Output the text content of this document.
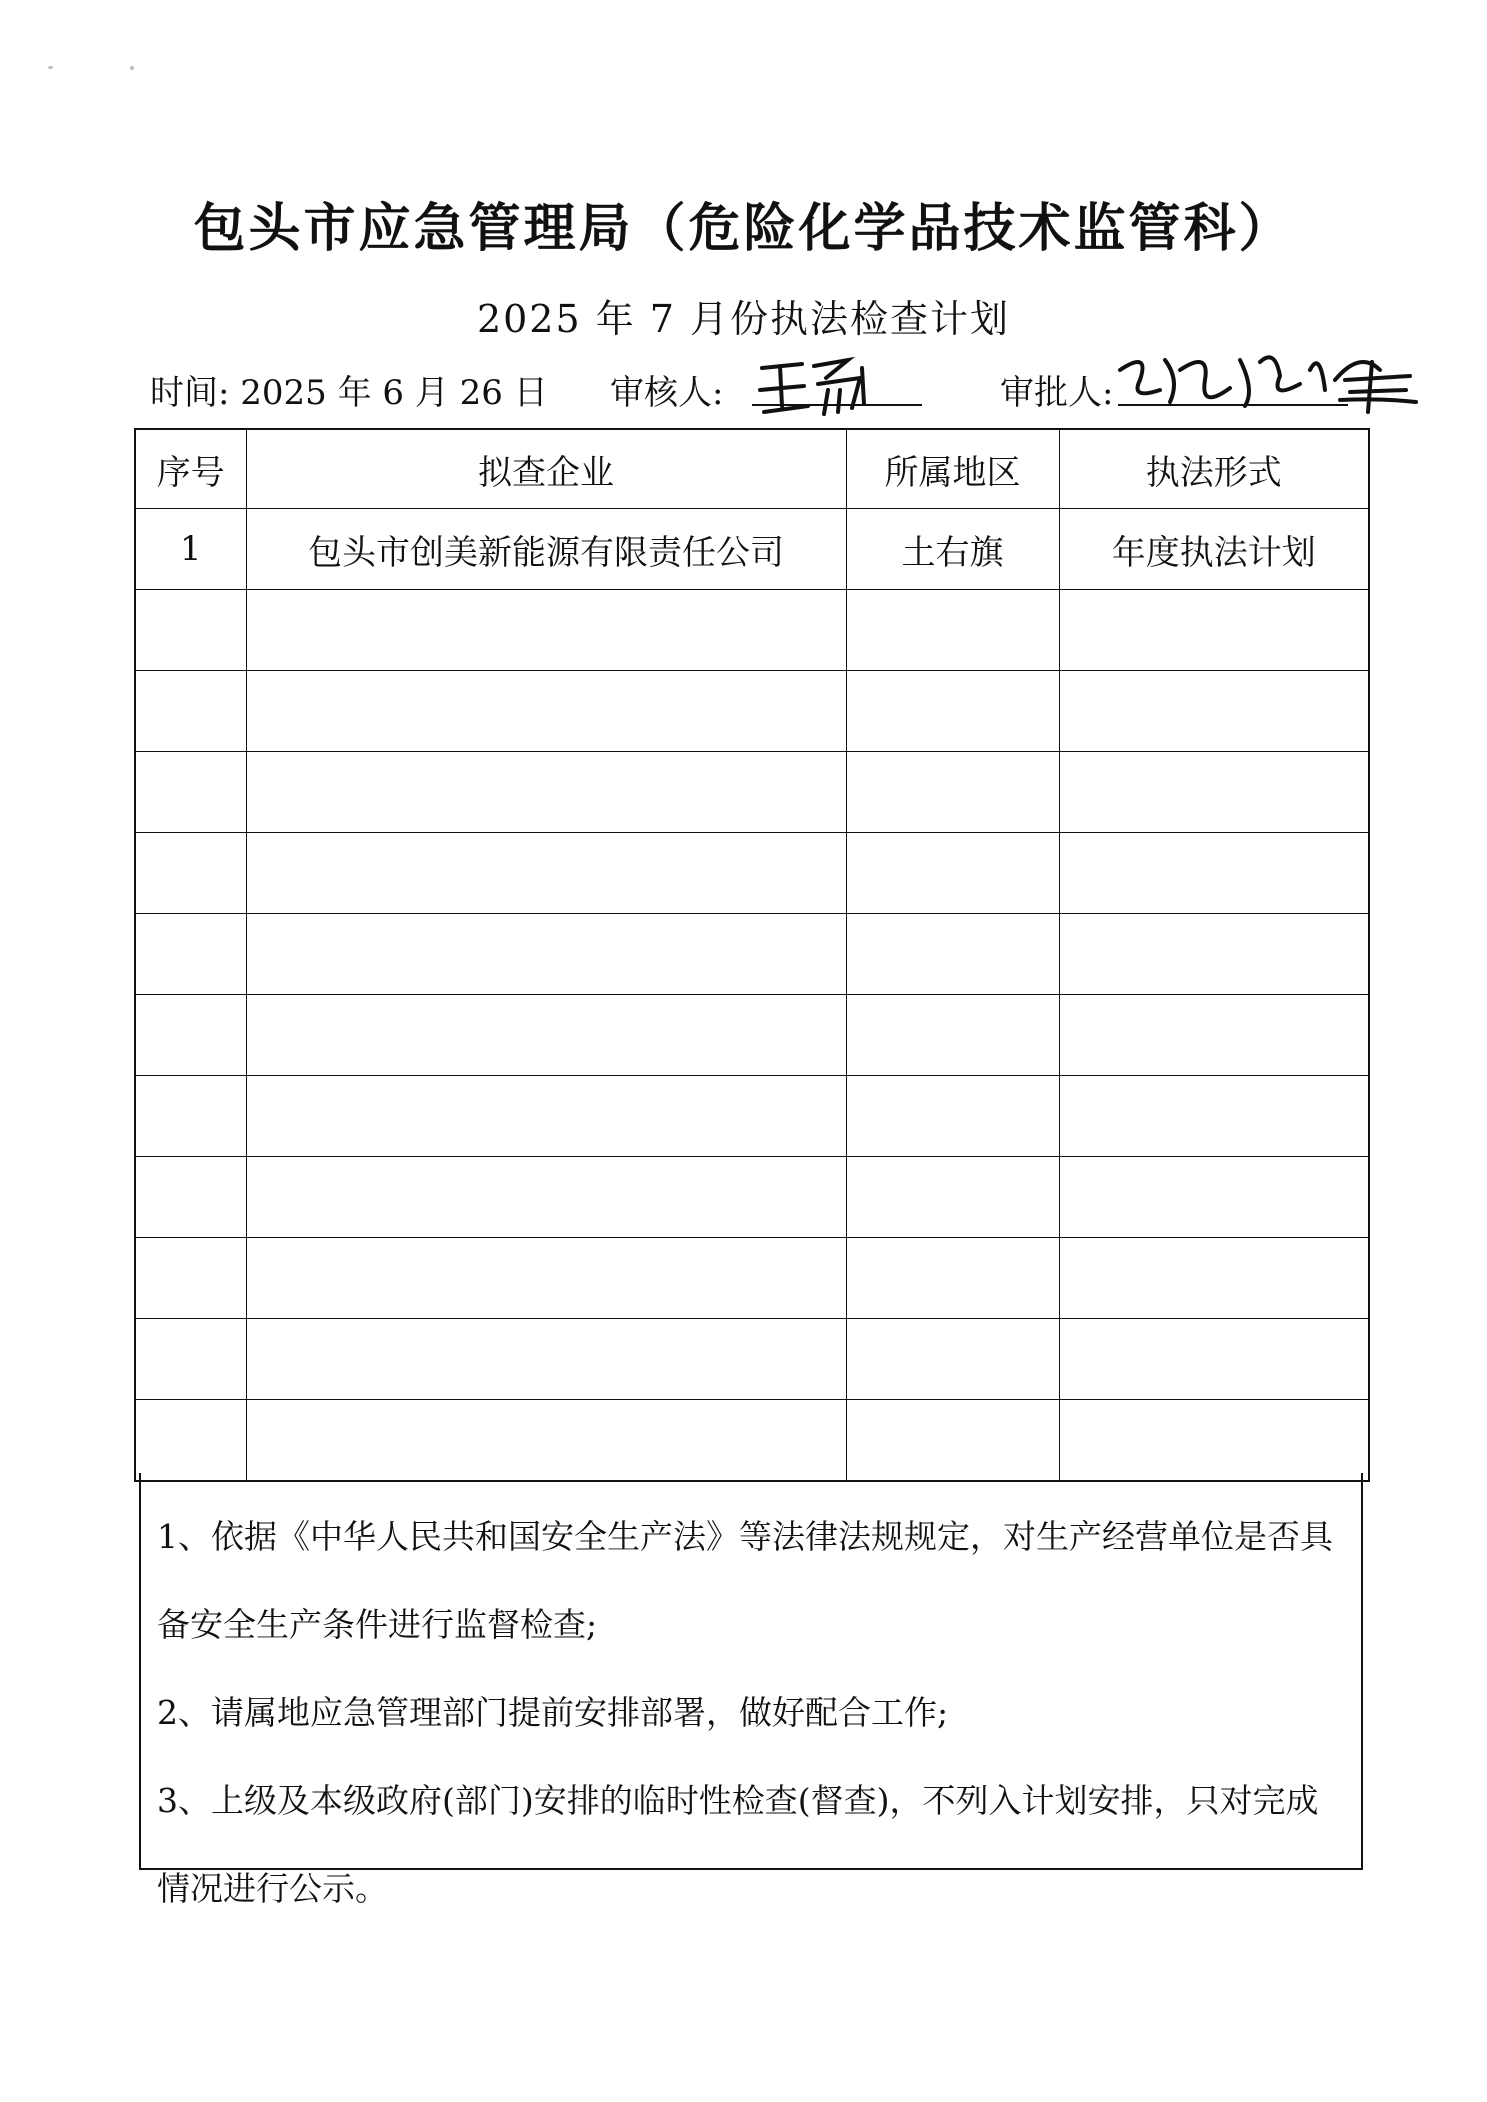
包头市应急管理局（危险化学品技术监管科）
2025 年 7 月份执法检查计划
时间: 2025 年 6 月 26 日 审核人:	审批人:
序号	拟查企业	所属地区	执法形式
1	包头市创美新能源有限责任公司	土右旗	年度执法计划

1、依据《中华人民共和国安全生产法》等法律法规规定，对生产经营单位是否具备安全生产条件进行监督检查;

2、请属地应急管理部门提前安排部署，做好配合工作;

3、上级及本级政府(部门)安排的临时性检查(督查)，不列入计划安排，只对完成情况进行公示。
